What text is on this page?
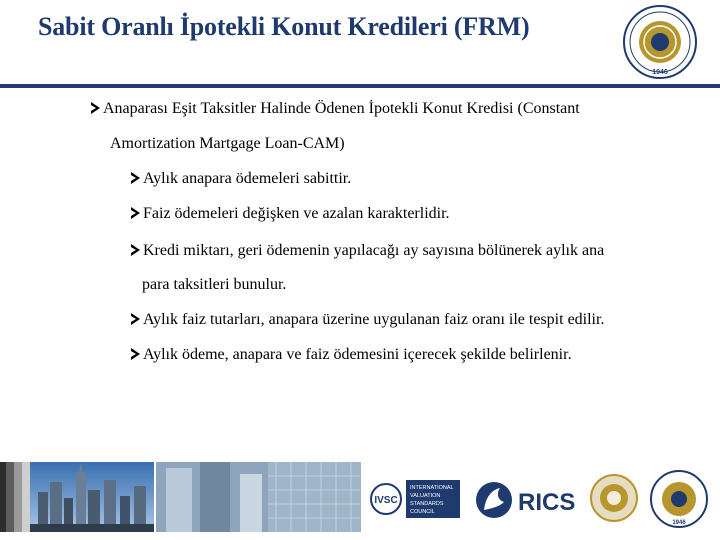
Sabit Oranlı İpotekli Konut Kredileri (FRM)
1946
Anaparası Eşit Taksitler Halinde Ödenen İpotekli Konut Kredisi (Constant
Amortization Martgage Loan-CAM)
Aylık anapara ödemeleri sabittir.
Faiz ödemeleri değişken ve azalan karakterlidir.
Kredi miktarı, geri ödemenin yapılacağı ay sayısına bölünerek aylık ana
para taksitleri bunulur.
Aylık faiz tutarları, anapara üzerine uygulanan faiz oranı ile tespit edilir.
Aylık ödeme, anapara ve faiz ödemesini içerecek şekilde belirlenir.
IVSC
INTERNATIONAL
VALUATION
STANDARDS
COUNCIL	RICS
1946
